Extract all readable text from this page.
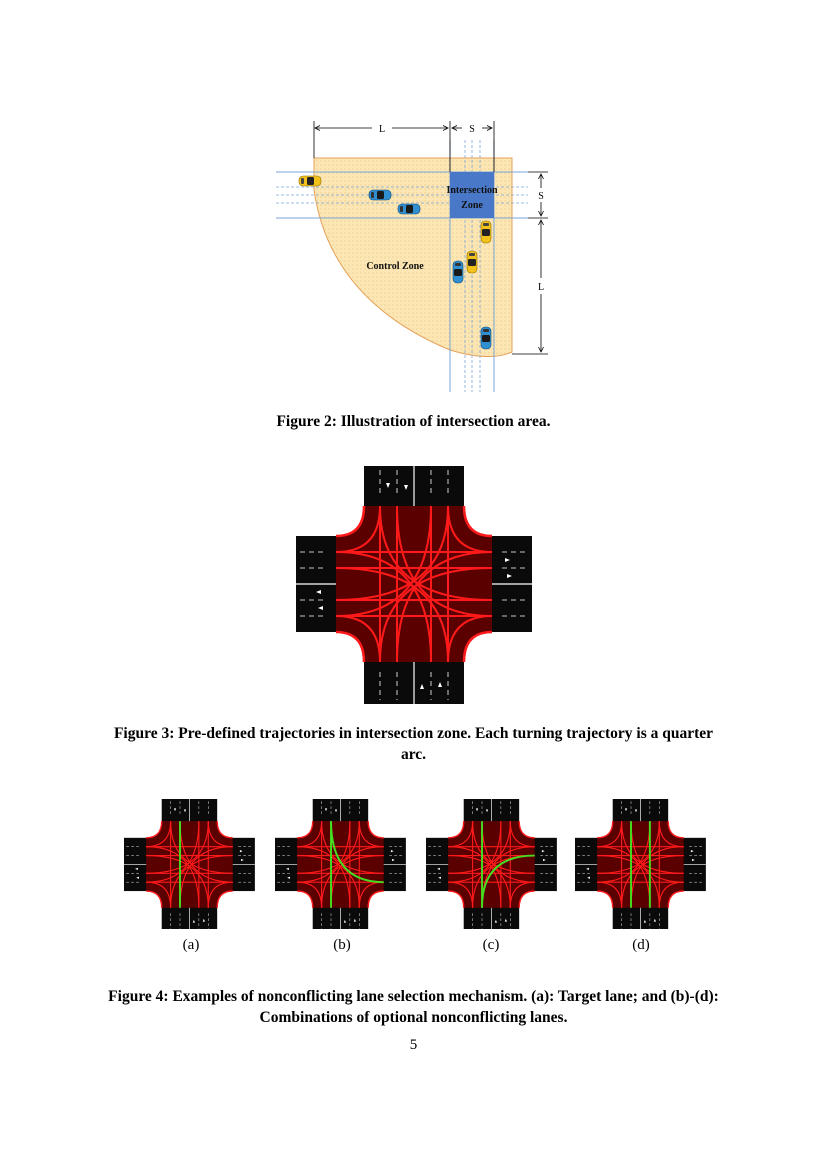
Intersection
Zone
Control Zone
L	S
S
L
Figure 2: Illustration of intersection area.
Figure 3: Pre-defined trajectories in intersection zone. Each turning trajectory is a quarter arc.
(a)	(b)	(c)	(d)
Figure 4: Examples of nonconflicting lane selection mechanism. (a): Target lane; and (b)-(d): Combinations of optional nonconflicting lanes.
5
